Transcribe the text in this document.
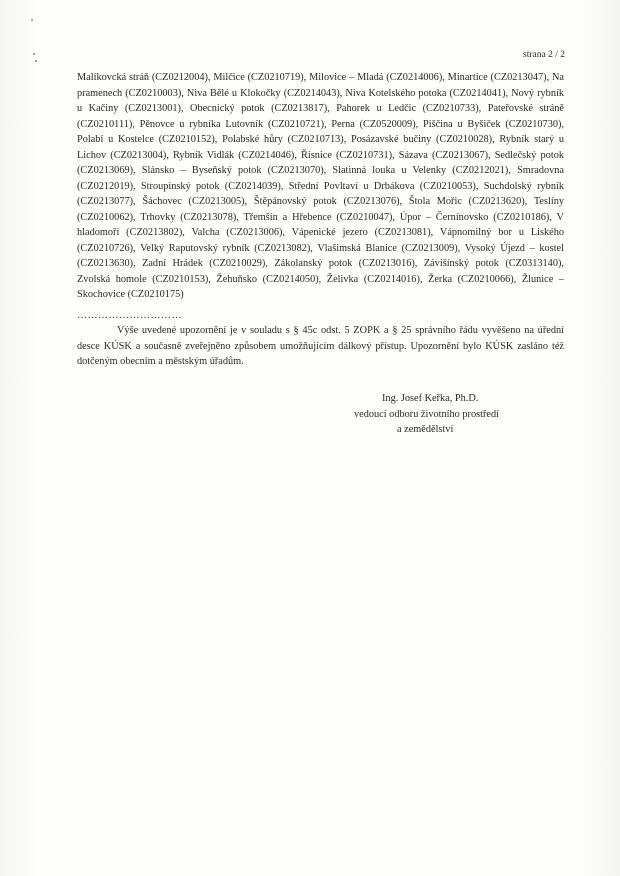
strana 2 / 2
Malíkovcká stráň (CZ0212004), Milčice (CZ0210719), Milovice – Mladá (CZ0214006), Minartice (CZ0213047), Na pramenech (CZ0210003), Niva Bělé u Klokočky (CZ0214043), Niva Kotelského potoka (CZ0214041), Nový rybník u Kačiny (CZ0213001), Obecnický potok (CZ0213817), Pahorek u Ledčic (CZ0210733), Pateřovské stráně (CZ0210111), Pěnovce u rybníka Lutovník (CZ0210721), Perna (CZ0520009), Piščina u Byšiček (CZ0210730), Polabí u Kostelce (CZ0210152), Polabské hůry (CZ0210713), Posázavské bučiny (CZ0210028), Rybník starý u Lichov (CZ0213004), Rybník Vidlák (CZ0214046), Řisnice (CZ0210731), Sázava (CZ0213067), Sedlečský potok (CZ0213069), Slánsko – Byseňský potok (CZ0213070), Slatinná louka u Velenky (CZ0212021), Smradovna (CZ0212019), Stroupínský potok (CZ0214039), Střední Povltaví u Drbákova (CZ0210053), Suchdolský rybník (CZ0213077), Šáchovec (CZ0213005), Štěpánovský potok (CZ0213076), Štola Mořic (CZ0213620), Teslíny (CZ0210062), Trhovky (CZ0213078), Třemšín a Hřebence (CZ0210047), Úpor – Černínovsko (CZ0210186), V hladomoří (CZ0213802), Valcha (CZ0213006), Vápenické jezero (CZ0213081), Vápnomilný bor u Liského (CZ0210726), Velký Raputovský rybník (CZ0213082), Vlašimská Blanice (CZ0213009), Vysoký Újezd – kostel (CZ0213630), Zadní Hrádek (CZ0210029), Zákolanský potok (CZ0213016), Závišínský potok (CZ0313140), Zvolská homole (CZ0210153), Žehuňsko (CZ0214050), Želivka (CZ0214016), Žerka (CZ0210066), Žlunice – Skochovice (CZ0210175)
…………………………

Výše uvedené upozornění je v souladu s § 45c odst. 5 ZOPK a § 25 správního řádu vyvěšeno na úřední desce KÚSK a současně zveřejněno způsobem umožňujícím dálkový přístup. Upozornění bylo KÚSK zasláno též dotčeným obecním a městským úřadům.

Ing. Josef Keřka, Ph.D.
vedoucí odboru životního prostředí
a zemědělství
